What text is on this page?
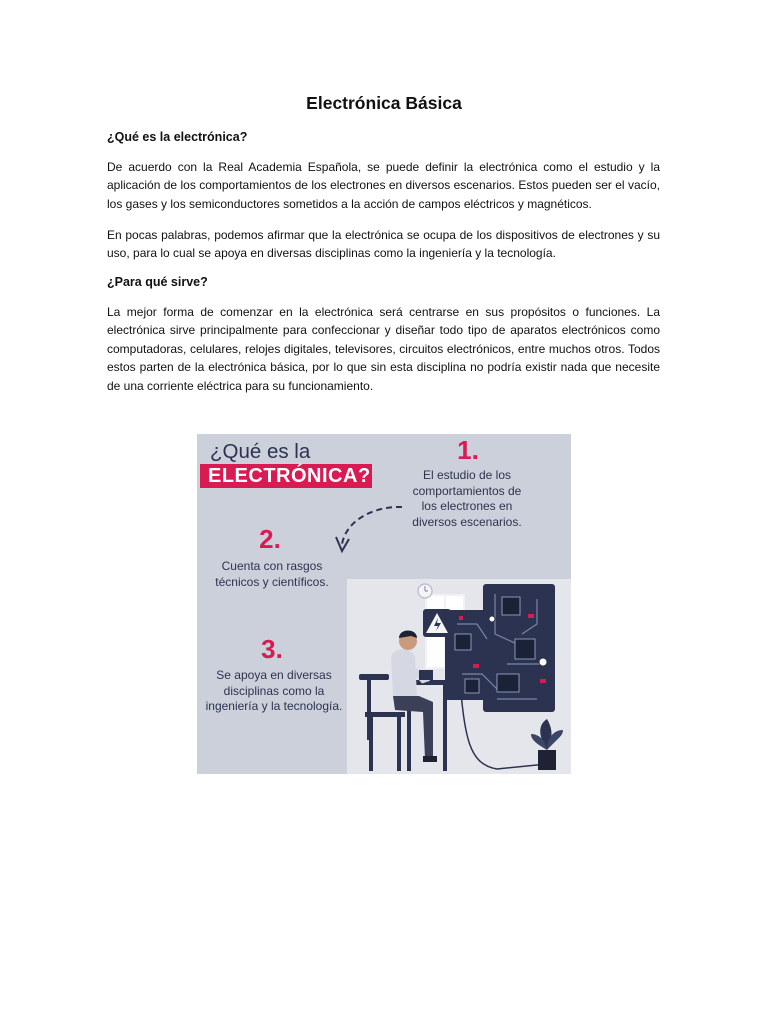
Electrónica Básica
¿Qué es la electrónica?

De acuerdo con la Real Academia Española, se puede definir la electrónica como el estudio y la aplicación de los comportamientos de los electrones en diversos escenarios. Estos pueden ser el vacío, los gases y los semiconductores sometidos a la acción de campos eléctricos y magnéticos.

En pocas palabras, podemos afirmar que la electrónica se ocupa de los dispositivos de electrones y su uso, para lo cual se apoya en diversas disciplinas como la ingeniería y la tecnología.

¿Para qué sirve?

La mejor forma de comenzar en la electrónica será centrarse en sus propósitos o funciones. La electrónica sirve principalmente para confeccionar y diseñar todo tipo de aparatos electrónicos como computadoras, celulares, relojes digitales, televisores, circuitos electrónicos, entre muchos otros. Todos estos parten de la electrónica básica, por lo que sin esta disciplina no podría existir nada que necesite de una corriente eléctrica para su funcionamiento.

¿Qué es la
ELECTRÓNICA?
1.
El estudio de los
comportamientos de
los electrones en
diversos escenarios.
2.
Cuenta con rasgos
técnicos y científicos.
3.
Se apoya en diversas
disciplinas como la
ingeniería y la tecnología.
